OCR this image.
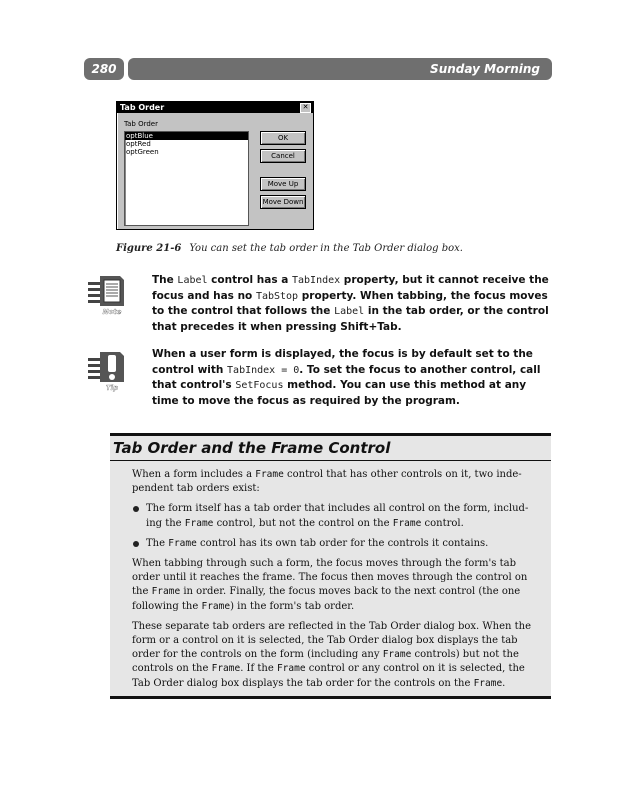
280	Sunday Morning
Tab Order	✕
Tab Order
optBlue
optRed
optGreen
OK
Cancel
Move Up
Move Down
Figure 21-6 You can set the tab order in the Tab Order dialog box.
Note
The Label control has a TabIndex property, but it cannot receive the focus and has no TabStop property. When tabbing, the focus moves to the control that follows the Label in the tab order, or the control that precedes it when pressing Shift+Tab.
Tip
When a user form is displayed, the focus is by default set to the control with TabIndex = 0. To set the focus to another control, call that control's SetFocus method. You can use this method at any time to move the focus as required by the program.
Tab Order and the Frame Control

When a form includes a Frame control that has other controls on it, two inde-pendent tab orders exist:

The form itself has a tab order that includes all control on the form, includ-ing the Frame control, but not the control on the Frame control.

The Frame control has its own tab order for the controls it contains.

When tabbing through such a form, the focus moves through the form's tab order until it reaches the frame. The focus then moves through the control on the Frame in order. Finally, the focus moves back to the next control (the one following the Frame) in the form's tab order.

These separate tab orders are reflected in the Tab Order dialog box. When the form or a control on it is selected, the Tab Order dialog box displays the tab order for the controls on the form (including any Frame controls) but not the controls on the Frame. If the Frame control or any control on it is selected, the Tab Order dialog box displays the tab order for the controls on the Frame.
